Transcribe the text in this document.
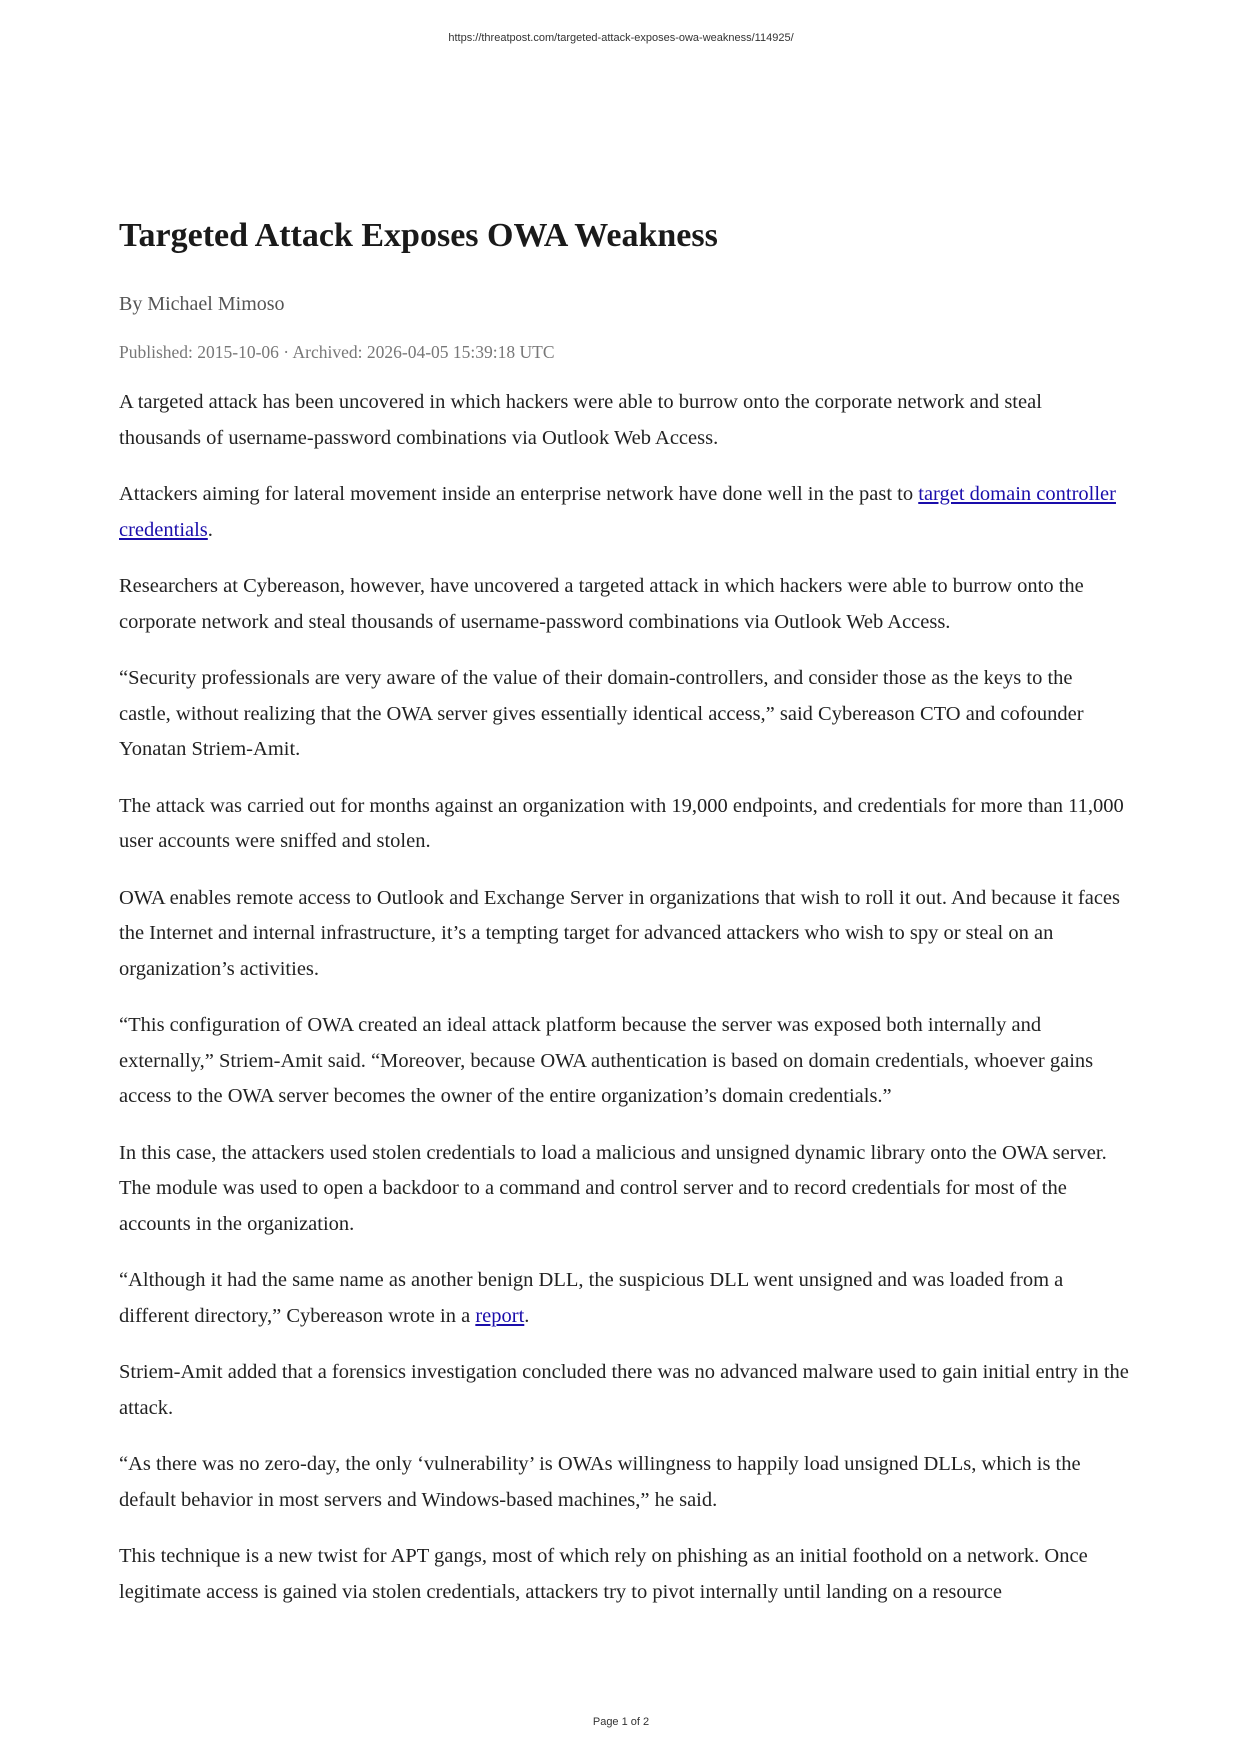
https://threatpost.com/targeted-attack-exposes-owa-weakness/114925/
Targeted Attack Exposes OWA Weakness
By Michael Mimoso
Published: 2015-10-06 · Archived: 2026-04-05 15:39:18 UTC

A targeted attack has been uncovered in which hackers were able to burrow onto the corporate network and steal thousands of username-password combinations via Outlook Web Access.

Attackers aiming for lateral movement inside an enterprise network have done well in the past to target domain controller credentials.

Researchers at Cybereason, however, have uncovered a targeted attack in which hackers were able to burrow onto the corporate network and steal thousands of username-password combinations via Outlook Web Access.

“Security professionals are very aware of the value of their domain-controllers, and consider those as the keys to the castle, without realizing that the OWA server gives essentially identical access,” said Cybereason CTO and cofounder Yonatan Striem-Amit.

The attack was carried out for months against an organization with 19,000 endpoints, and credentials for more than 11,000 user accounts were sniffed and stolen.

OWA enables remote access to Outlook and Exchange Server in organizations that wish to roll it out. And because it faces the Internet and internal infrastructure, it’s a tempting target for advanced attackers who wish to spy or steal on an organization’s activities.

“This configuration of OWA created an ideal attack platform because the server was exposed both internally and externally,” Striem-Amit said. “Moreover, because OWA authentication is based on domain credentials, whoever gains access to the OWA server becomes the owner of the entire organization’s domain credentials.”

In this case, the attackers used stolen credentials to load a malicious and unsigned dynamic library onto the OWA server. The module was used to open a backdoor to a command and control server and to record credentials for most of the accounts in the organization.

“Although it had the same name as another benign DLL, the suspicious DLL went unsigned and was loaded from a different directory,” Cybereason wrote in a report.

Striem-Amit added that a forensics investigation concluded there was no advanced malware used to gain initial entry in the attack.

“As there was no zero-day, the only ‘vulnerability’ is OWAs willingness to happily load unsigned DLLs, which is the default behavior in most servers and Windows-based machines,” he said.

This technique is a new twist for APT gangs, most of which rely on phishing as an initial foothold on a network. Once legitimate access is gained via stolen credentials, attackers try to pivot internally until landing on a resource

Page 1 of 2
